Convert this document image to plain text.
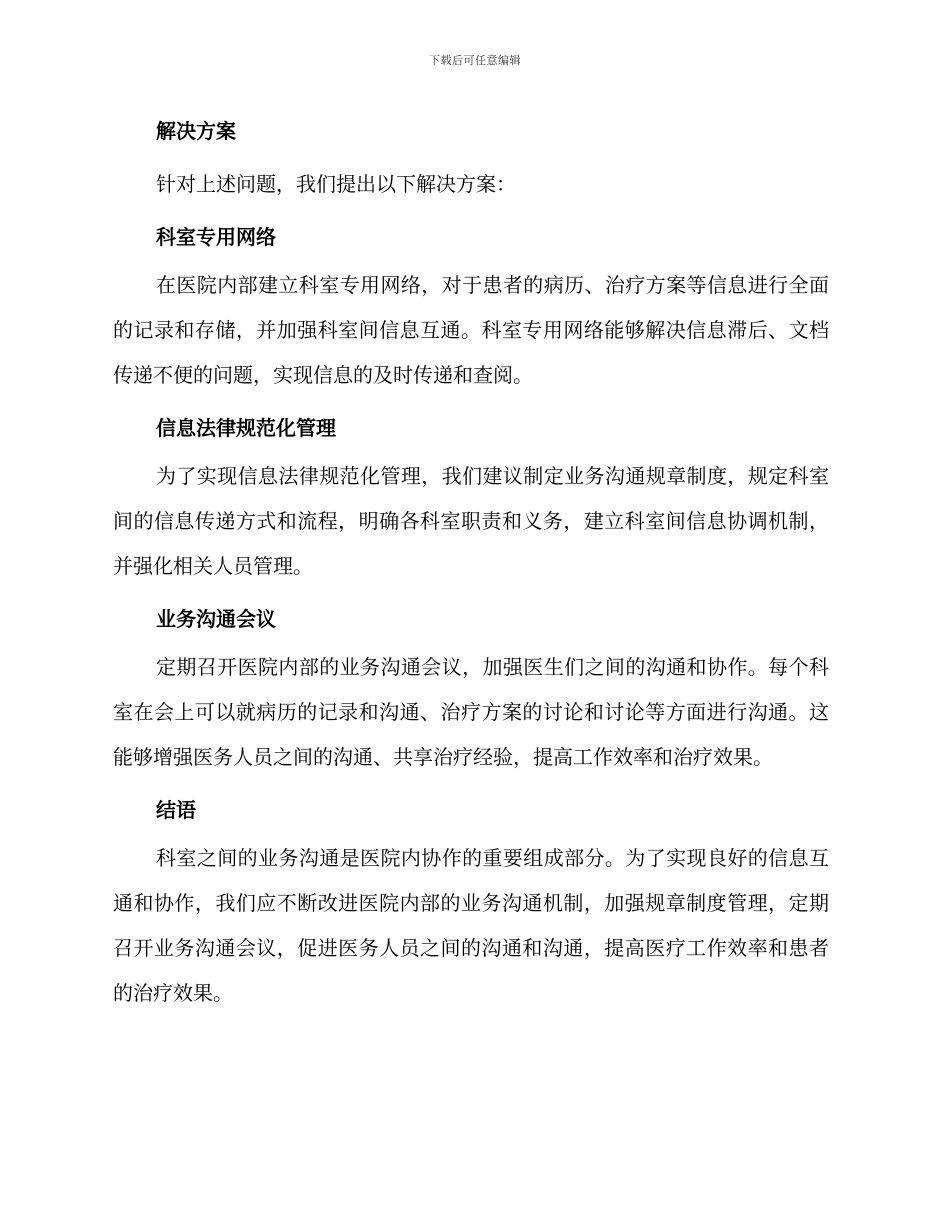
下载后可任意编辑
解决方案

针对上述问题，我们提出以下解决方案：

科室专用网络

在医院内部建立科室专用网络，对于患者的病历、治疗方案等信息进行全面的记录和存储，并加强科室间信息互通。科室专用网络能够解决信息滞后、文档传递不便的问题，实现信息的及时传递和查阅。

信息法律规范化管理

为了实现信息法律规范化管理，我们建议制定业务沟通规章制度，规定科室间的信息传递方式和流程，明确各科室职责和义务，建立科室间信息协调机制，并强化相关人员管理。

业务沟通会议

定期召开医院内部的业务沟通会议，加强医生们之间的沟通和协作。每个科室在会上可以就病历的记录和沟通、治疗方案的讨论和讨论等方面进行沟通。这能够增强医务人员之间的沟通、共享治疗经验，提高工作效率和治疗效果。

结语

科室之间的业务沟通是医院内协作的重要组成部分。为了实现良好的信息互通和协作，我们应不断改进医院内部的业务沟通机制，加强规章制度管理，定期召开业务沟通会议，促进医务人员之间的沟通和沟通，提高医疗工作效率和患者的治疗效果。
